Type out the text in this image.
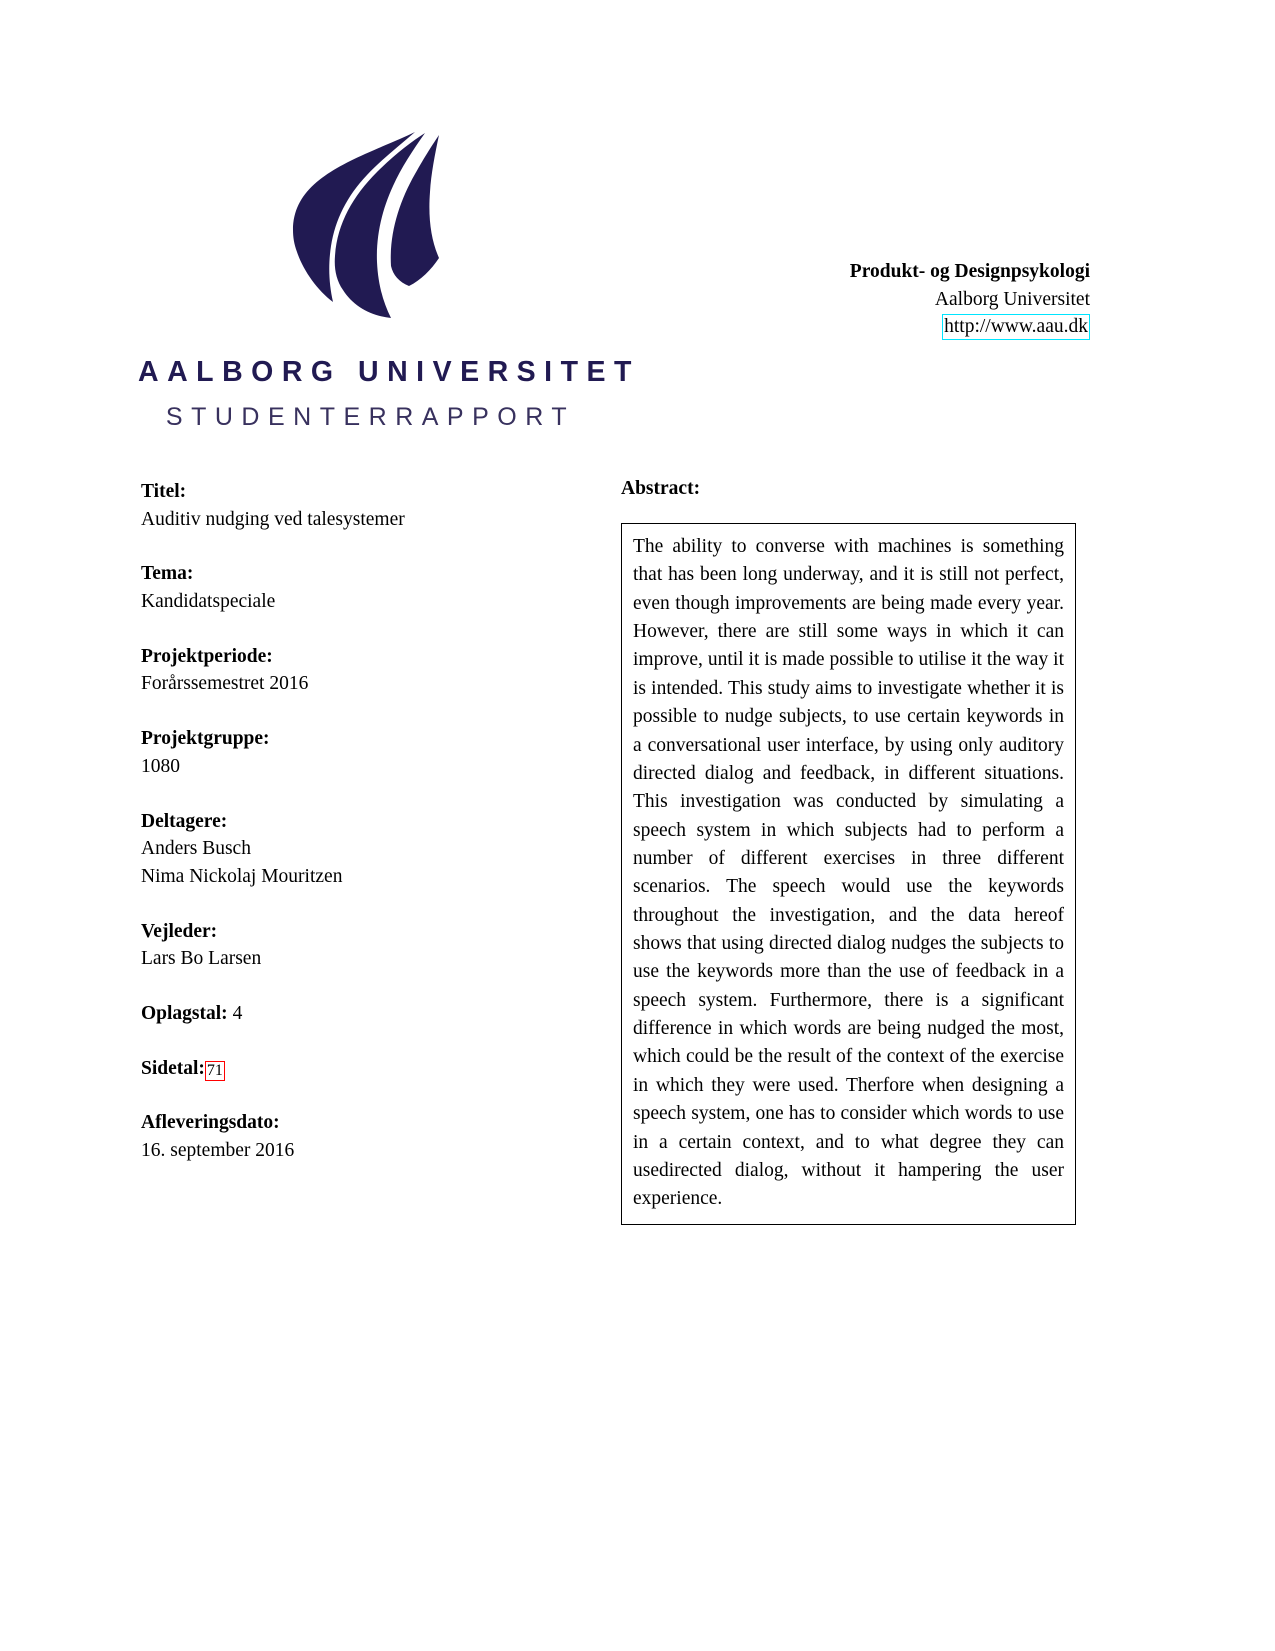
AALBORG UNIVERSITET
STUDENTERRAPPORT
Produkt- og Designpsykologi
Aalborg Universitet
http://www.aau.dk
Titel:
Auditiv nudging ved talesystemer
Tema:
Kandidatspeciale
Projektperiode:
Forårssemestret 2016
Projektgruppe:
1080
Deltagere:
Anders Busch
Nima Nickolaj Mouritzen
Vejleder:
Lars Bo Larsen
Oplagstal: 4
Sidetal: 71
Afleveringsdato:
16. september 2016
Abstract:

The ability to converse with machines is something that has been long underway, and it is still not perfect, even though improvements are being made every year. However, there are still some ways in which it can improve, until it is made possible to utilise it the way it is intended. This study aims to investigate whether it is possible to nudge subjects, to use certain keywords in a conversational user interface, by using only auditory directed dialog and feedback, in different situations. This investigation was conducted by simulating a speech system in which subjects had to perform a number of different exercises in three different scenarios. The speech would use the keywords throughout the investigation, and the data hereof shows that using directed dialog nudges the subjects to use the keywords more than the use of feedback in a speech system. Furthermore, there is a significant difference in which words are being nudged the most, which could be the result of the context of the exercise in which they were used. Therfore when designing a speech system, one has to consider which words to use in a certain context, and to what degree they can usedirected dialog, without it hampering the user experience.
